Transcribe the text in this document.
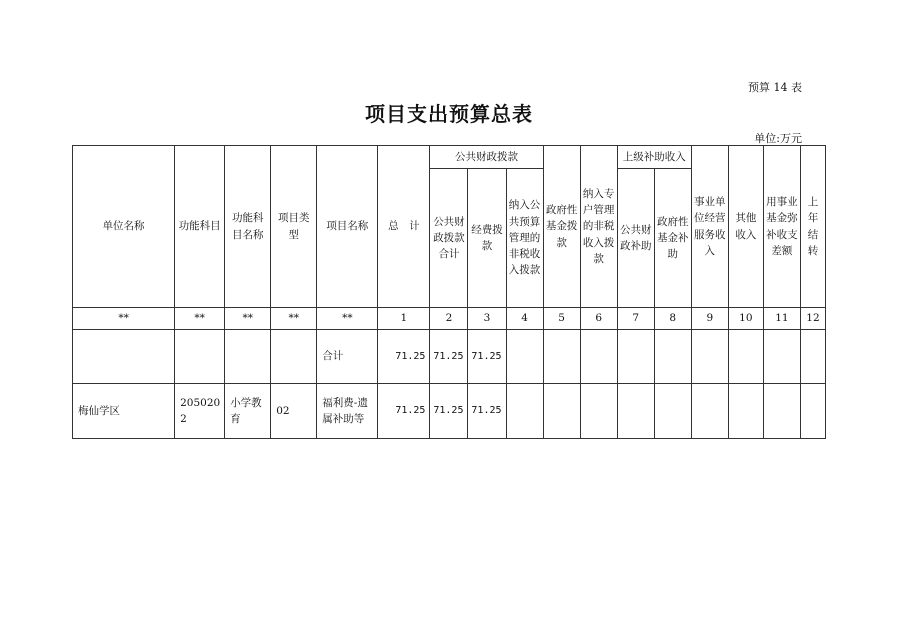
预算 14 表
项目支出预算总表
单位:万元
单位名称	功能科目	功能科目名称	项目类型	项目名称	总　计	公共财政拨款			政府性基金拨款	纳入专户管理的非税收入拨款	上级补助收入		事业单位经营服务收入	其他收入	用事业基金弥补收支差额	上年结转
						公共财政拨款合计	经费拨款	纳入公共预算管理的非税收入拨款			公共财政补助	政府性基金补助				
**	**	**	**	**	1	2	3	4	5	6	7	8	9	10	11	12
				合计	71.25	71.25	71.25									
梅仙学区	2050202	小学教育	02	福利费-遗属补助等	71.25	71.25	71.25									
